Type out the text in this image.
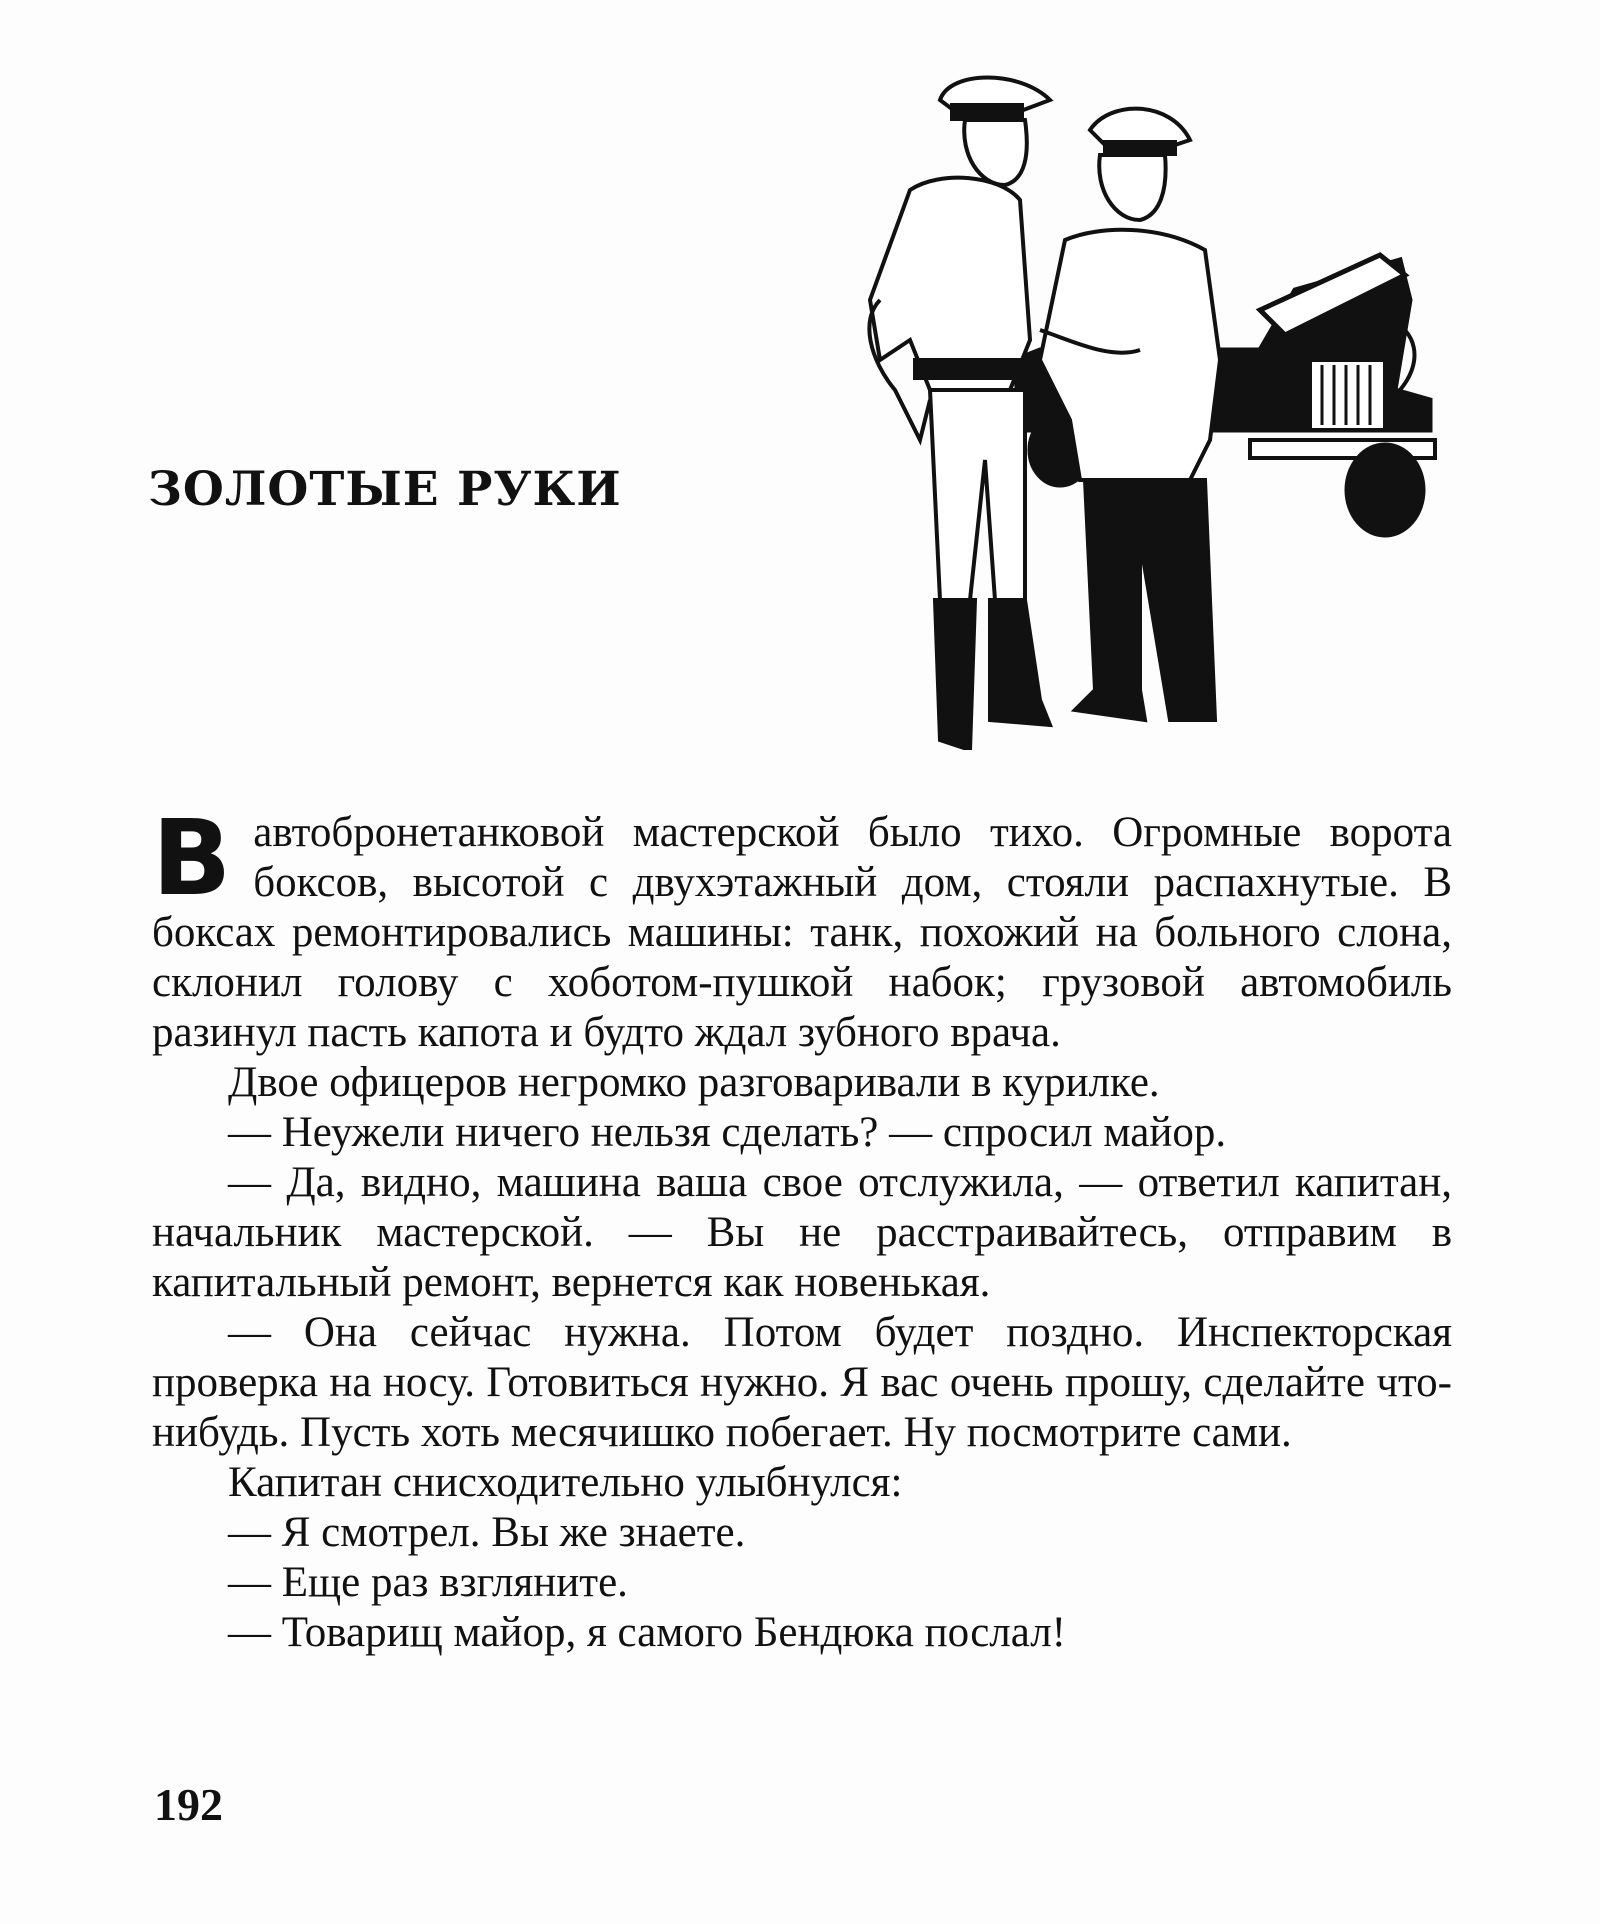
ЗОЛОТЫЕ РУКИ

Вавтобронетанковой мастерской было тихо. Огромные ворота боксов, высотой с двухэтажный дом, стояли распахнутые. В боксах ремонтировались машины: танк, похожий на больного слона, склонил голову с хоботом-пушкой набок; грузовой автомобиль разинул пасть капота и будто ждал зубного врача.

Двое офицеров негромко разговаривали в курилке.

— Неужели ничего нельзя сделать? — спросил майор.

— Да, видно, машина ваша свое отслужила, — ответил капитан, начальник мастерской. — Вы не расстраивайтесь, отправим в капитальный ремонт, вернется как новенькая.

— Она сейчас нужна. Потом будет поздно. Инспекторская проверка на носу. Готовиться нужно. Я вас очень прошу, сделайте что-нибудь. Пусть хоть месячишко побегает. Ну посмотрите сами.

Капитан снисходительно улыбнулся:

— Я смотрел. Вы же знаете.

— Еще раз взгляните.

— Товарищ майор, я самого Бендюка послал!

192
